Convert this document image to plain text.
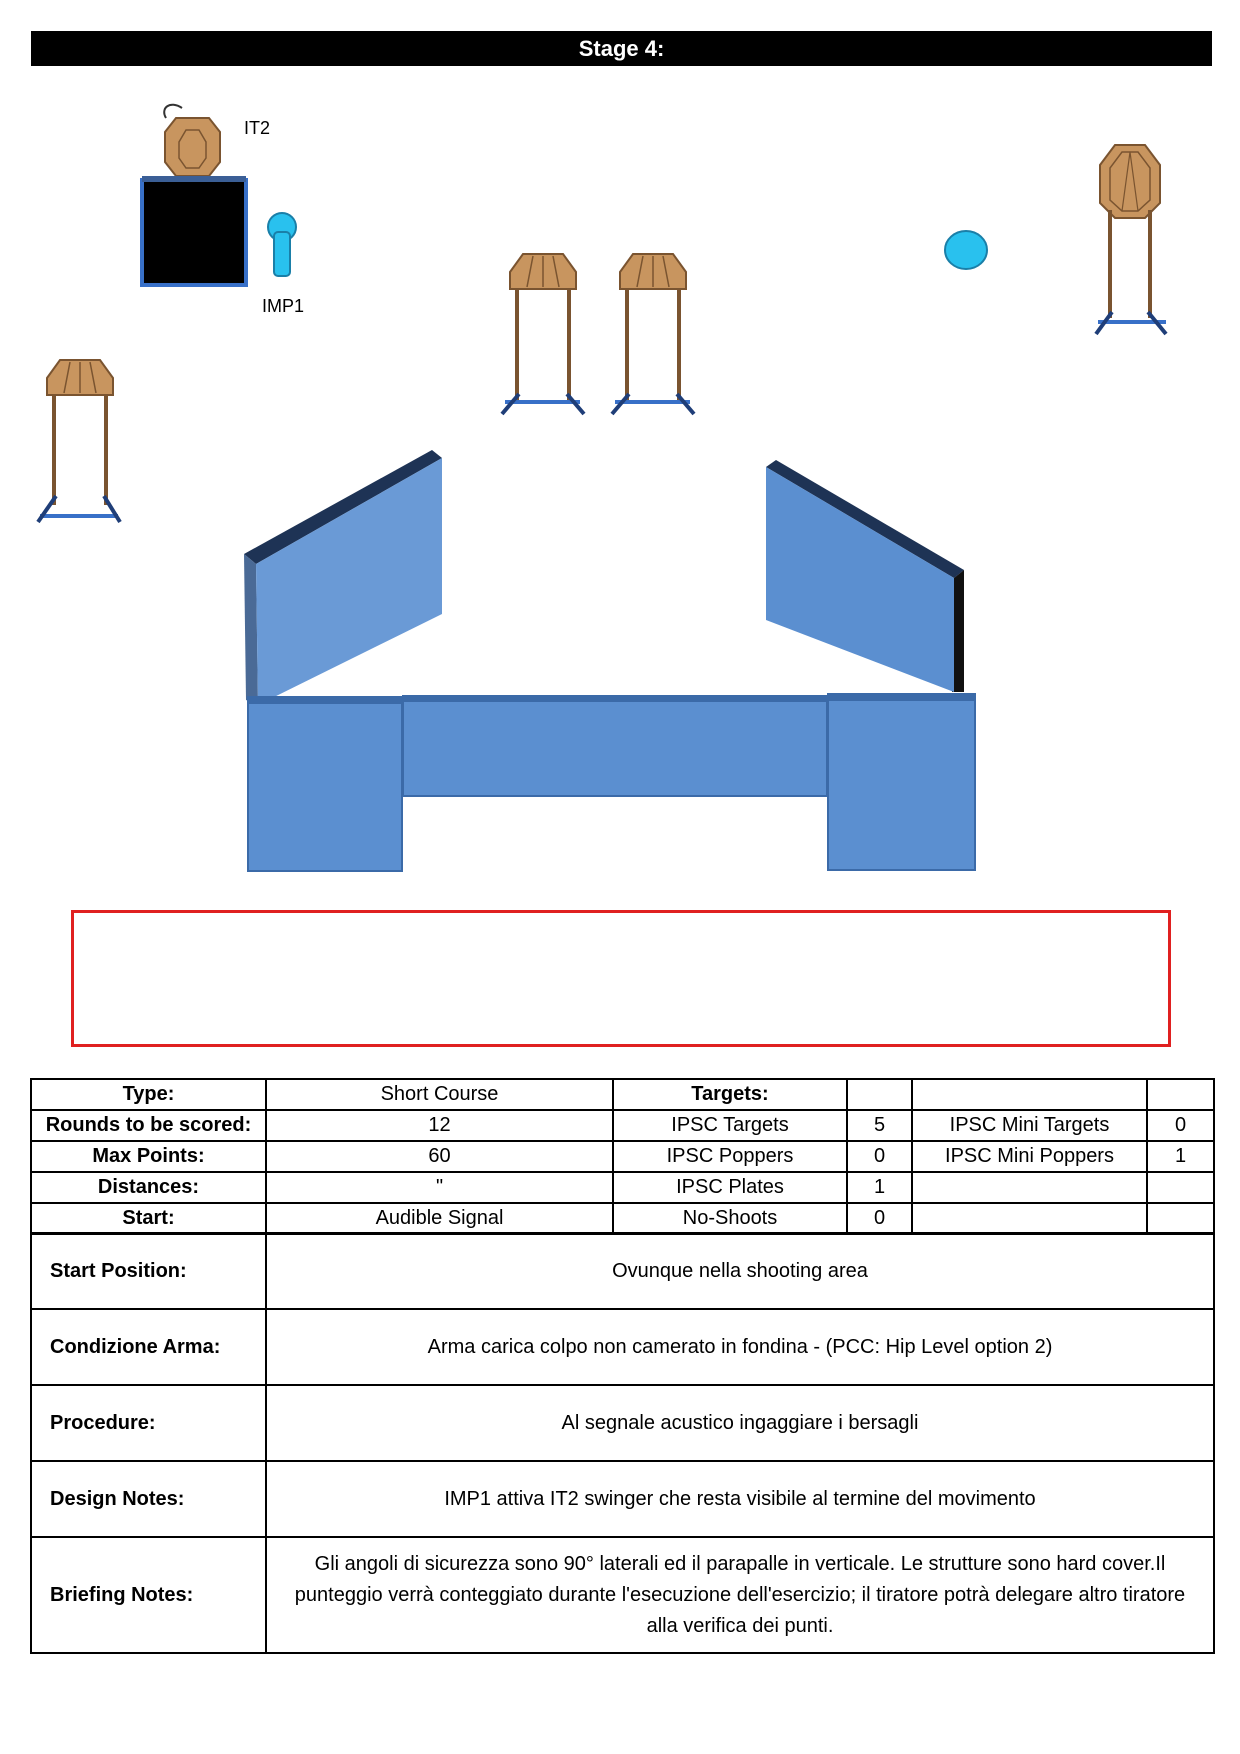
Stage 4:
IT2
IMP1
Type:	Short Course	Targets:			
Rounds to be scored:	12	IPSC Targets	5	IPSC Mini Targets	0
Max Points:	60	IPSC Poppers	0	IPSC Mini Poppers	1
Distances:	"	IPSC Plates	1		
Start:	Audible Signal	No-Shoots	0		
Start Position:	Ovunque nella shooting area
Condizione Arma:	Arma carica colpo non camerato in fondina - (PCC: Hip Level option 2)
Procedure:	Al segnale acustico ingaggiare i bersagli
Design Notes:	IMP1 attiva IT2 swinger che resta visibile al termine del movimento
Briefing Notes:	Gli angoli di sicurezza sono 90° laterali ed il parapalle in verticale. Le strutture sono hard cover.Il punteggio verrà conteggiato durante l'esecuzione dell'esercizio; il tiratore potrà delegare altro tiratore alla verifica dei punti.
